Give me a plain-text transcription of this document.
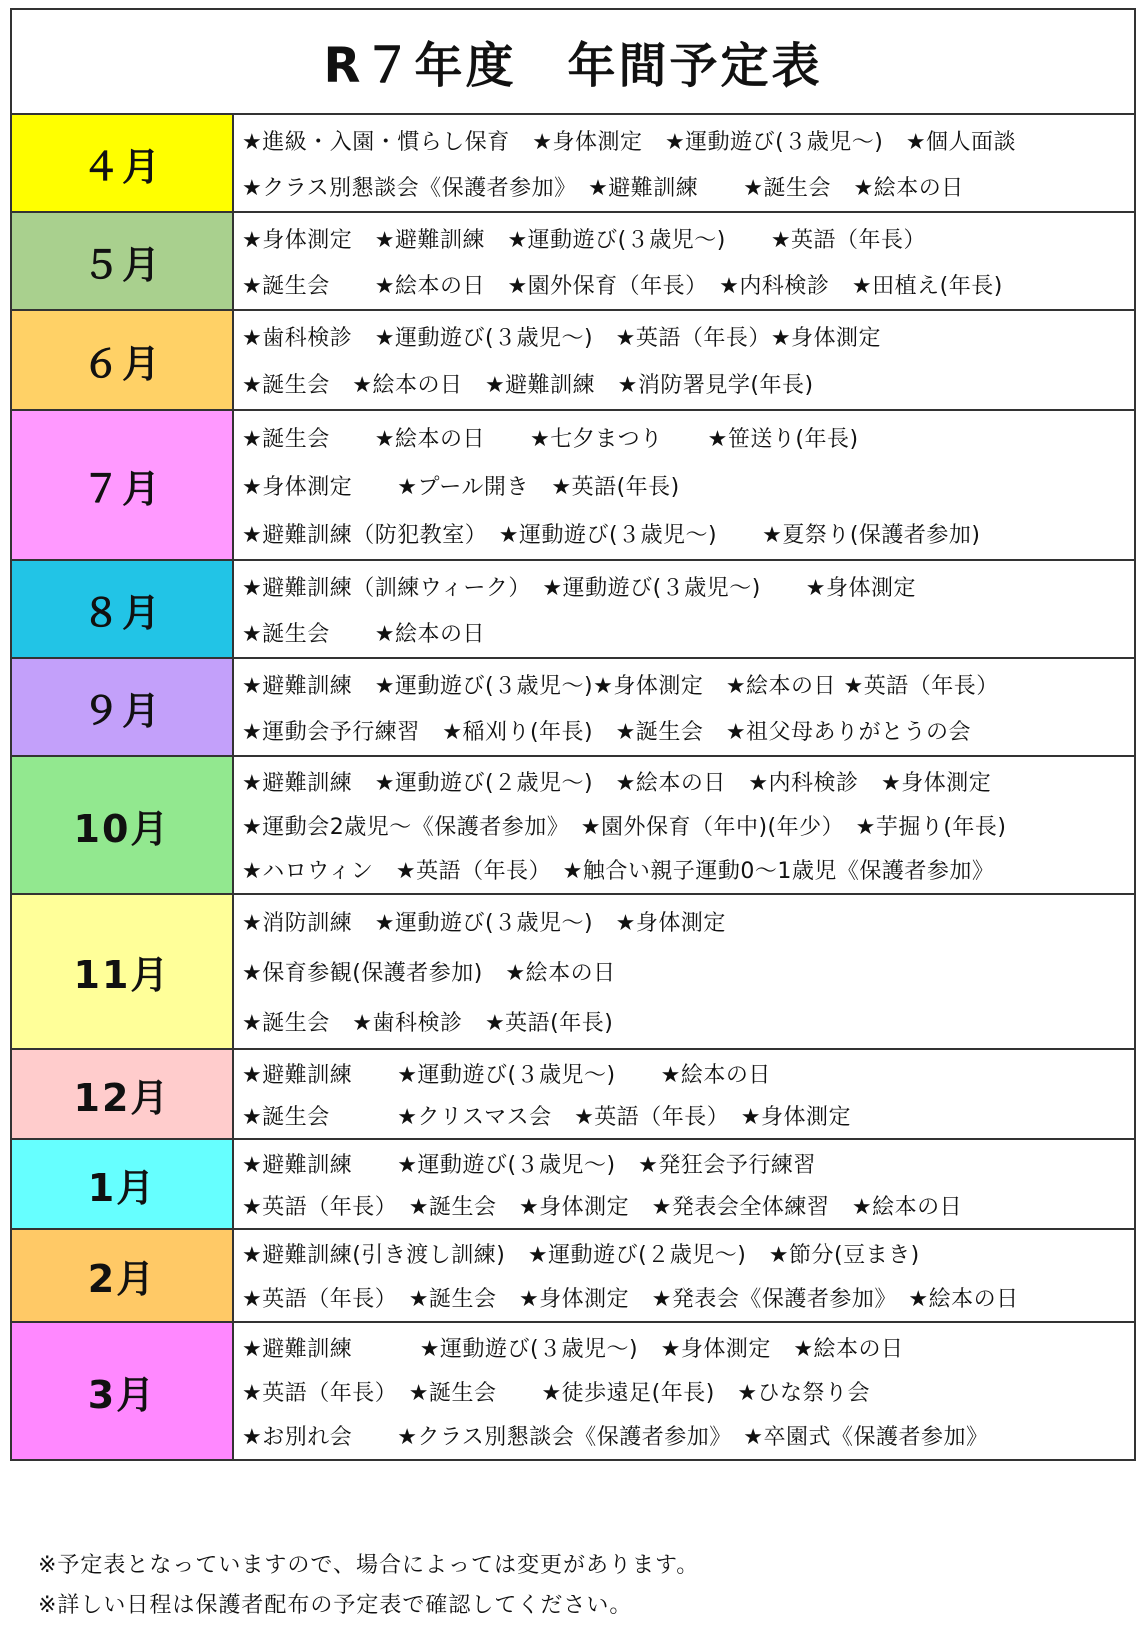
R７年度　年間予定表
４月
★進級・入園・慣らし保育　★身体測定　★運動遊び(３歳児～)　★個人面談
★クラス別懇談会《保護者参加》　★避難訓練　　★誕生会　★絵本の日
５月
★身体測定　★避難訓練　★運動遊び(３歳児～)　　★英語（年長）
★誕生会　　★絵本の日　★園外保育（年長）　★内科検診　★田植え(年長)
６月
★歯科検診　★運動遊び(３歳児～)　★英語（年長）★身体測定
★誕生会　★絵本の日　★避難訓練　★消防署見学(年長)
７月
★誕生会　　★絵本の日　　★七夕まつり　　★笹送り(年長)
★身体測定　　★プール開き　★英語(年長)
★避難訓練（防犯教室）　★運動遊び(３歳児～)　　★夏祭り(保護者参加)
８月
★避難訓練（訓練ウィーク）　★運動遊び(３歳児～)　　★身体測定
★誕生会　　★絵本の日
９月
★避難訓練　★運動遊び(３歳児～)★身体測定　★絵本の日 ★英語（年長）
★運動会予行練習　★稲刈り(年長)　★誕生会　★祖父母ありがとうの会
10月
★避難訓練　★運動遊び(２歳児～)　★絵本の日　★内科検診　★身体測定
★運動会2歳児～《保護者参加》　★園外保育（年中)(年少）　★芋掘り(年長)
★ハロウィン　★英語（年長）　★触合い親子運動0～1歳児《保護者参加》
11月
★消防訓練　★運動遊び(３歳児～)　★身体測定
★保育参観(保護者参加)　★絵本の日
★誕生会　★歯科検診　★英語(年長)
12月
★避難訓練　　★運動遊び(３歳児～)　　★絵本の日
★誕生会　　　★クリスマス会　★英語（年長）　★身体測定
1月
★避難訓練　　★運動遊び(３歳児～)　★発狂会予行練習
★英語（年長）　★誕生会　★身体測定　★発表会全体練習　★絵本の日
2月
★避難訓練(引き渡し訓練)　★運動遊び(２歳児～)　★節分(豆まき)
★英語（年長）　★誕生会　★身体測定　★発表会《保護者参加》　★絵本の日
3月
★避難訓練　　　★運動遊び(３歳児～)　★身体測定　★絵本の日
★英語（年長）　★誕生会　　★徒歩遠足(年長)　★ひな祭り会
★お別れ会　　★クラス別懇談会《保護者参加》　★卒園式《保護者参加》
※予定表となっていますので、場合によっては変更があります。
※詳しい日程は保護者配布の予定表で確認してください。
